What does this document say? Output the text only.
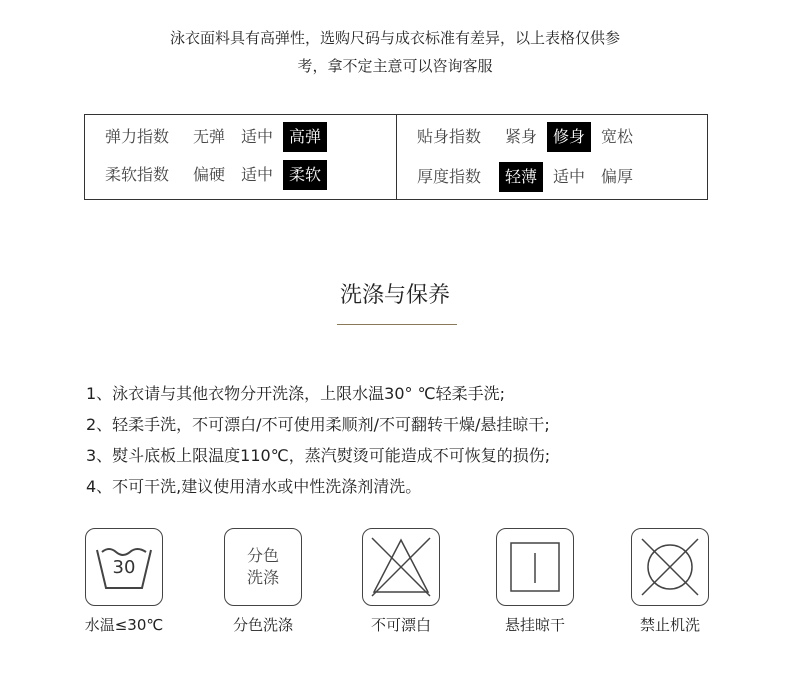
泳衣面料具有高弹性，选购尺码与成衣标准有差异，以上表格仅供参
考，拿不定主意可以咨询客服
弹力指数	无弹	适中	高弹	贴身指数	紧身	修身	宽松
柔软指数	偏硬	适中	柔软	厚度指数	轻薄	适中	偏厚
洗涤与保养
1、泳衣请与其他衣物分开洗涤，上限水温30° ℃轻柔手洗;
2、轻柔手洗，不可漂白/不可使用柔顺剂/不可翻转干燥/悬挂晾干;
3、熨斗底板上限温度110℃，蒸汽熨烫可能造成不可恢复的损伤;
4、不可干洗,建议使用清水或中性洗涤剂清洗。
30
水温≤30℃
分色
洗涤
分色洗涤	不可漂白	悬挂晾干	禁止机洗
